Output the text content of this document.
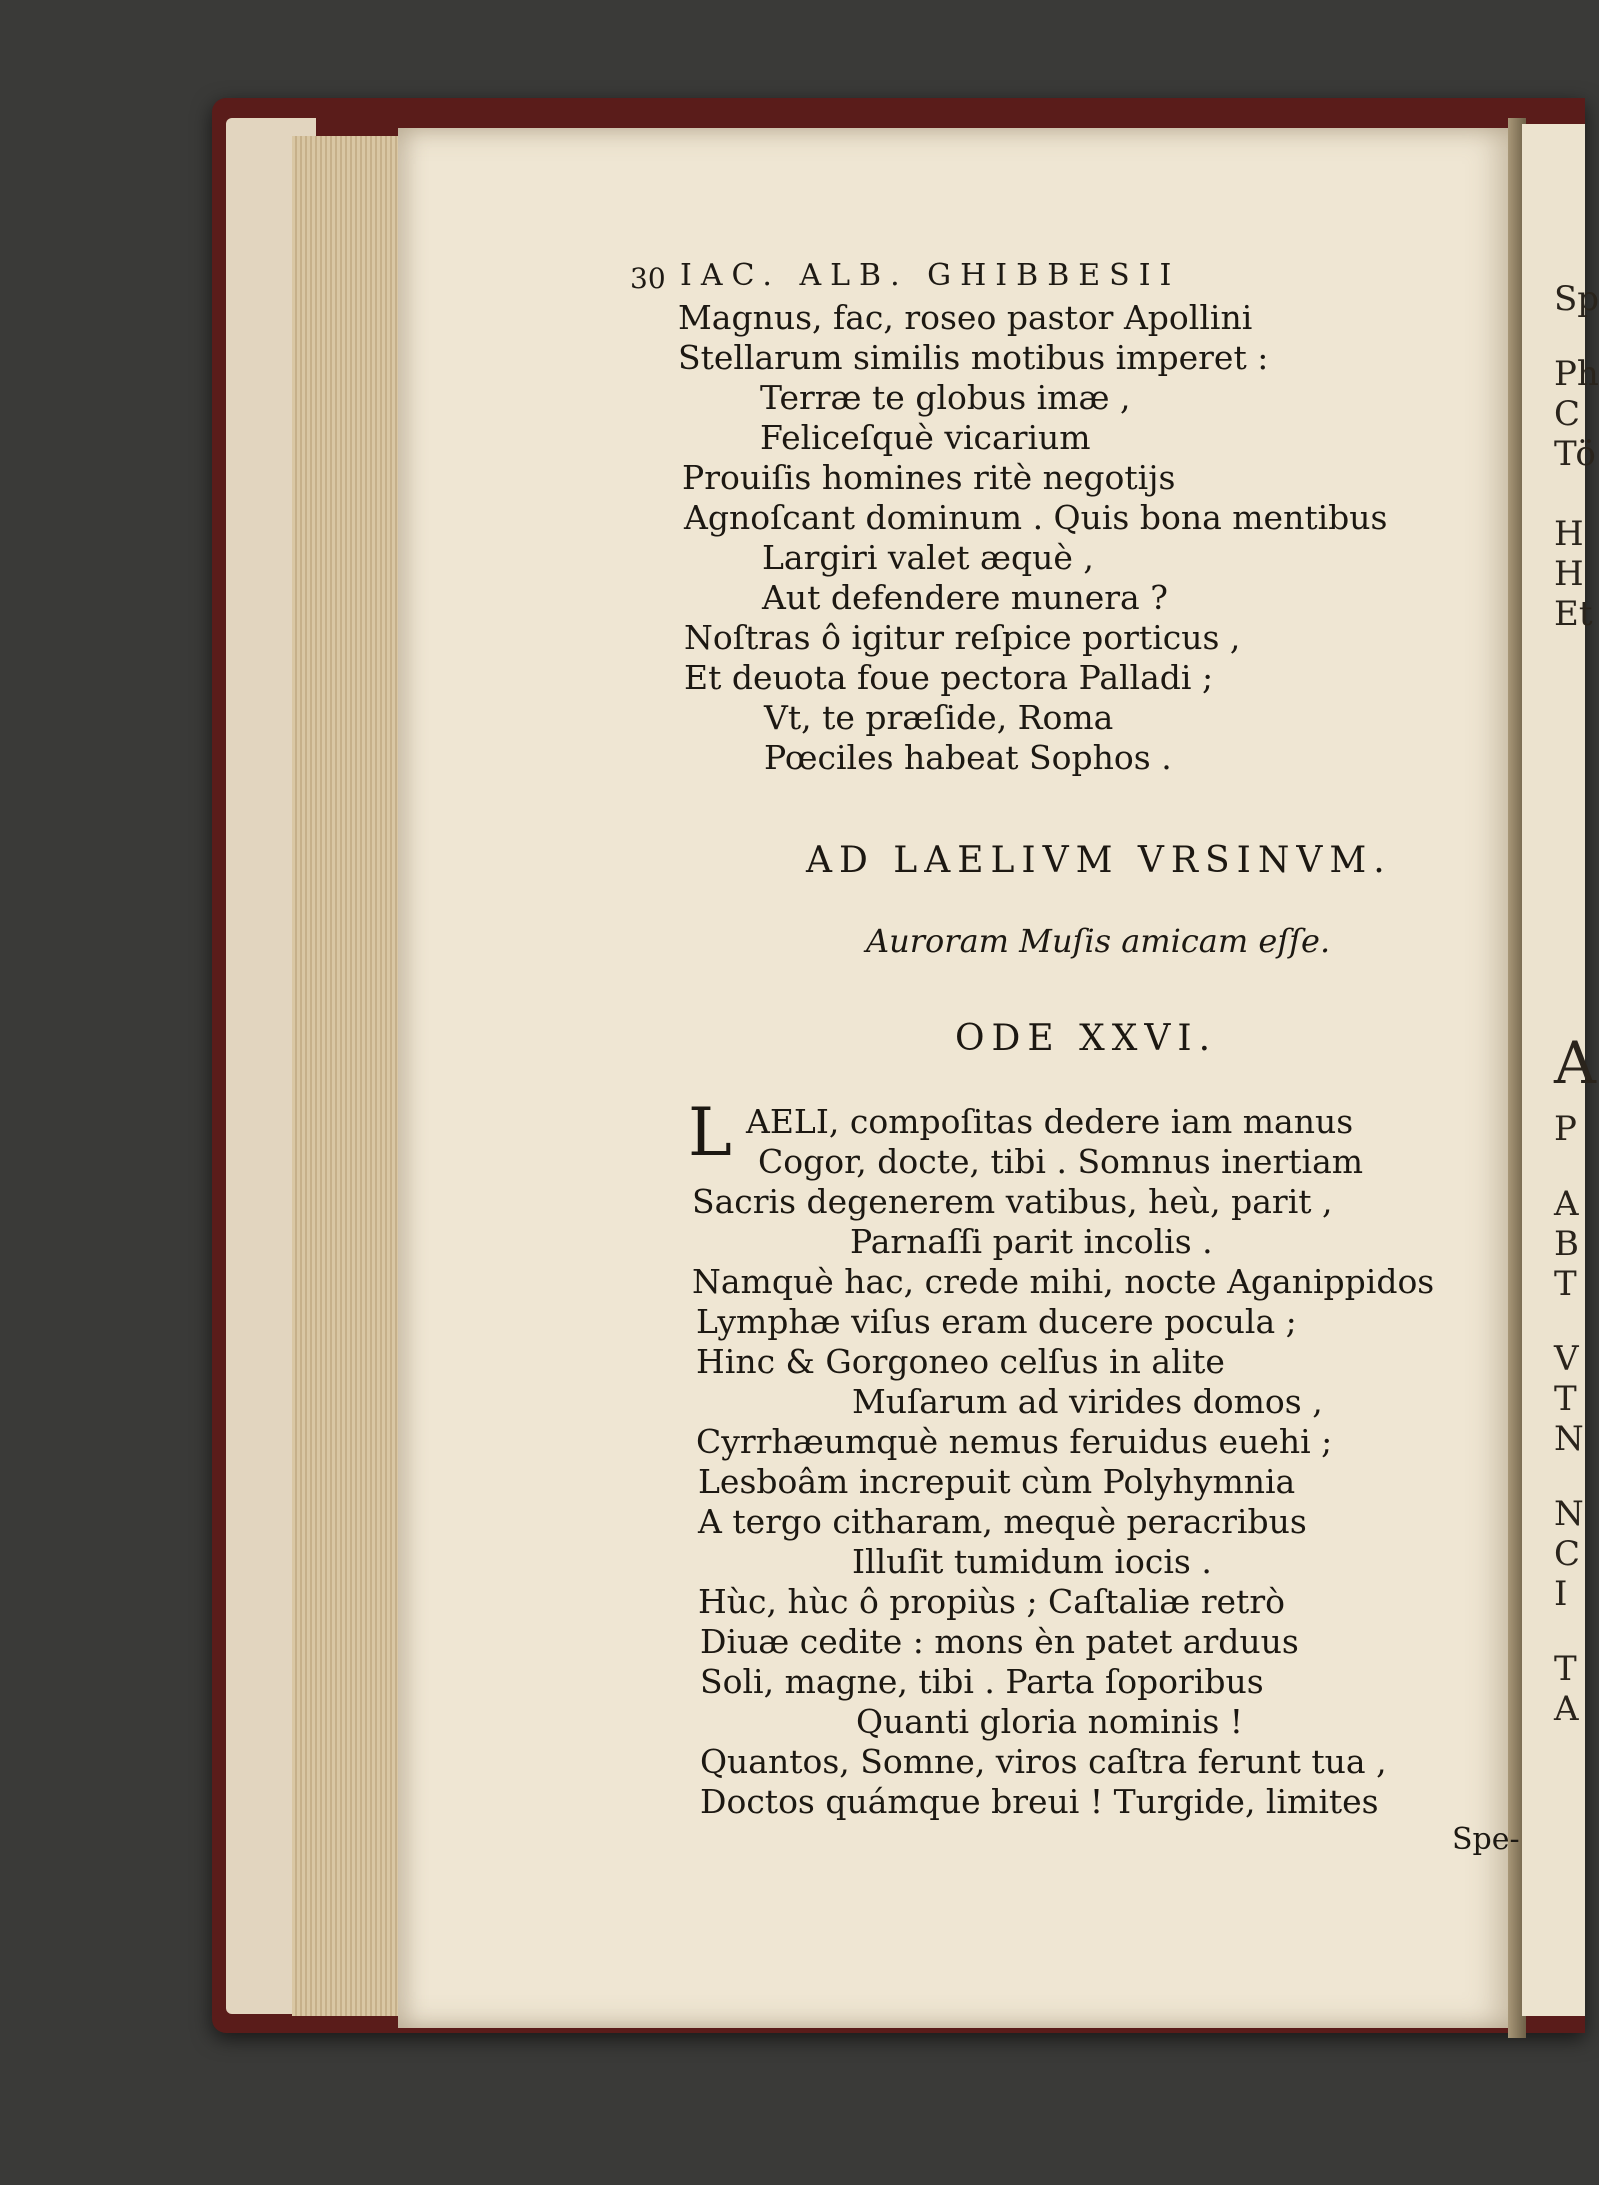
Sp
Ph
C
Tö
H
H
Et
A
P
A
B
T
V
T
N
N
C
I
T
A
30 IAC. ALB. GHIBBESII
Magnus, fac, roseo pastor Apollini
Stellarum similis motibus imperet :
Terræ te globus imæ ,
Feliceſquè vicarium
Prouiſis homines ritè negotijs
Agnoſcant dominum . Quis bona mentibus
Largiri valet æquè ,
Aut defendere munera ?
Noſtras ô igitur reſpice porticus ,
Et deuota foue pectora Palladi ;
Vt, te præſide, Roma
Pœciles habeat Sophos .
AD LAELIVM VRSINVM.
Auroram Muſis amicam eſſe.
ODE XXVI.
L AELI, compoſitas dedere iam manus
Cogor, docte, tibi . Somnus inertiam
Sacris degenerem vatibus, heù, parit ,
Parnaſſi parit incolis .
Namquè hac, crede mihi, nocte Aganippidos
Lymphæ viſus eram ducere pocula ;
Hinc & Gorgoneo celſus in alite
Muſarum ad virides domos ,
Cyrrhæumquè nemus feruidus euehi ;
Lesboâm increpuit cùm Polyhymnia
A tergo citharam, mequè peracribus
Illuſit tumidum iocis .
Hùc, hùc ô propiùs ; Caſtaliæ retrò
Diuæ cedite : mons èn patet arduus
Soli, magne, tibi . Parta ſoporibus
Quanti gloria nominis !
Quantos, Somne, viros caſtra ferunt tua ,
Doctos quámque breui ! Turgide, limites
Spe-
